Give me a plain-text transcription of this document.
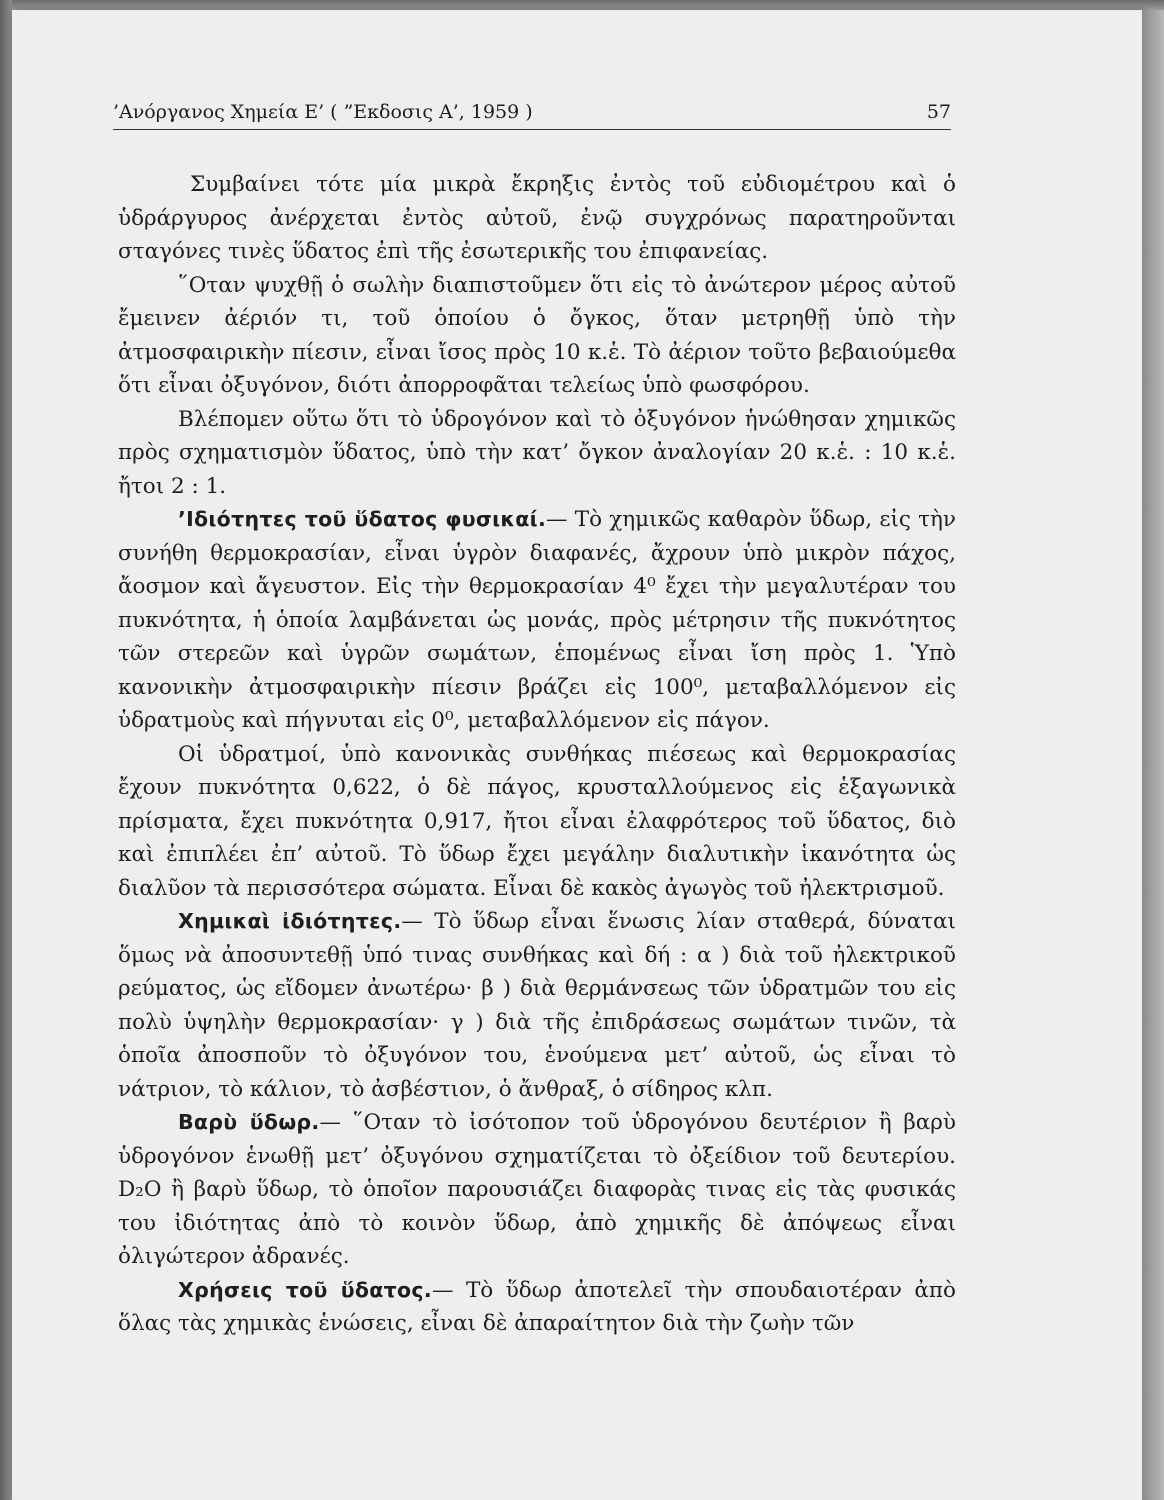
’Ανόργανος Χημεία Ε’ ( ”Εκδοσις Α’, 1959 )	57

Συμβαίνει τότε μία μικρὰ ἔκρηξις ἐντὸς τοῦ εὐδιομέτρου καὶ ὁ ὑδράργυρος ἀνέρχεται ἐντὸς αὐτοῦ, ἐνῷ συγχρόνως παρατηροῦνται σταγόνες τινὲς ὕδατος ἐπὶ τῆς ἐσωτερικῆς του ἐπιφανείας.

῞Οταν ψυχθῇ ὁ σωλὴν διαπιστοῦμεν ὅτι εἰς τὸ ἀνώτερον μέρος αὐτοῦ ἔμεινεν ἀέριόν τι, τοῦ ὁποίου ὁ ὄγκος, ὅταν μετρηθῇ ὑπὸ τὴν ἀτμοσφαιρικὴν πίεσιν, εἶναι ἴσος πρὸς 10 κ.ἑ. Τὸ ἀέριον τοῦτο βεβαιούμεθα ὅτι εἶναι ὀξυγόνον, διότι ἀπορροφᾶται τελείως ὑπὸ φωσφόρου.

Βλέπομεν οὕτω ὅτι τὸ ὑδρογόνον καὶ τὸ ὀξυγόνον ἡνώθησαν χημικῶς πρὸς σχηματισμὸν ὕδατος, ὑπὸ τὴν κατ’ ὄγκον ἀναλογίαν 20 κ.ἑ. : 10 κ.ἑ. ἤτοι 2 : 1.

’Ιδιότητες τοῦ ὕδατος φυσικαί.— Τὸ χημικῶς καθαρὸν ὕδωρ, εἰς τὴν συνήθη θερμοκρασίαν, εἶναι ὑγρὸν διαφανές, ἄχρουν ὑπὸ μικρὸν πάχος, ἄοσμον καὶ ἄγευστον. Εἰς τὴν θερμοκρασίαν 4⁰ ἔχει τὴν μεγαλυτέραν του πυκνότητα, ἡ ὁποία λαμβάνεται ὡς μονάς, πρὸς μέτρησιν τῆς πυκνότητος τῶν στερεῶν καὶ ὑγρῶν σωμάτων, ἑπομένως εἶναι ἴση πρὸς 1. Ὑπὸ κανονικὴν ἀτμοσφαιρικὴν πίεσιν βράζει εἰς 100⁰, μεταβαλλόμενον εἰς ὑδρατμοὺς καὶ πήγνυται εἰς 0⁰, μεταβαλλόμενον εἰς πάγον.

Οἱ ὑδρατμοί, ὑπὸ κανονικὰς συνθήκας πιέσεως καὶ θερμοκρασίας ἔχουν πυκνότητα 0,622, ὁ δὲ πάγος, κρυσταλλούμενος εἰς ἑξαγωνικὰ πρίσματα, ἔχει πυκνότητα 0,917, ἤτοι εἶναι ἐλαφρότερος τοῦ ὕδατος, διὸ καὶ ἐπιπλέει ἐπ’ αὐτοῦ. Τὸ ὕδωρ ἔχει μεγάλην διαλυτικὴν ἱκανότητα ὡς διαλῦον τὰ περισσότερα σώματα. Εἶναι δὲ κακὸς ἀγωγὸς τοῦ ἠλεκτρισμοῦ.

Χημικαὶ ἰδιότητες.— Τὸ ὕδωρ εἶναι ἕνωσις λίαν σταθερά, δύναται ὅμως νὰ ἀποσυντεθῇ ὑπό τινας συνθήκας καὶ δή : α ) διὰ τοῦ ἠλεκτρικοῦ ρεύματος, ὡς εἴδομεν ἀνωτέρω· β ) διὰ θερμάνσεως τῶν ὑδρατμῶν του εἰς πολὺ ὑψηλὴν θερμοκρασίαν· γ ) διὰ τῆς ἐπιδράσεως σωμάτων τινῶν, τὰ ὁποῖα ἀποσποῦν τὸ ὀξυγόνον του, ἑνούμενα μετ’ αὐτοῦ, ὡς εἶναι τὸ νάτριον, τὸ κάλιον, τὸ ἀσβέστιον, ὁ ἄνθραξ, ὁ σίδηρος κλπ.

Βαρὺ ὕδωρ.— ῞Οταν τὸ ἰσότοπον τοῦ ὑδρογόνου δευτέριον ἢ βαρὺ ὑδρογόνον ἑνωθῇ μετ’ ὀξυγόνου σχηματίζεται τὸ ὀξείδιον τοῦ δευτερίου. D₂O ἢ βαρὺ ὕδωρ, τὸ ὁποῖον παρουσιάζει διαφορὰς τινας εἰς τὰς φυσικάς του ἰδιότητας ἀπὸ τὸ κοινὸν ὕδωρ, ἀπὸ χημικῆς δὲ ἀπόψεως εἶναι ὀλιγώτερον ἀδρανές.

Χρήσεις τοῦ ὕδατος.— Τὸ ὕδωρ ἀποτελεῖ τὴν σπουδαιοτέραν ἀπὸ ὅλας τὰς χημικὰς ἑνώσεις, εἶναι δὲ ἀπαραίτητον διὰ τὴν ζωὴν τῶν
